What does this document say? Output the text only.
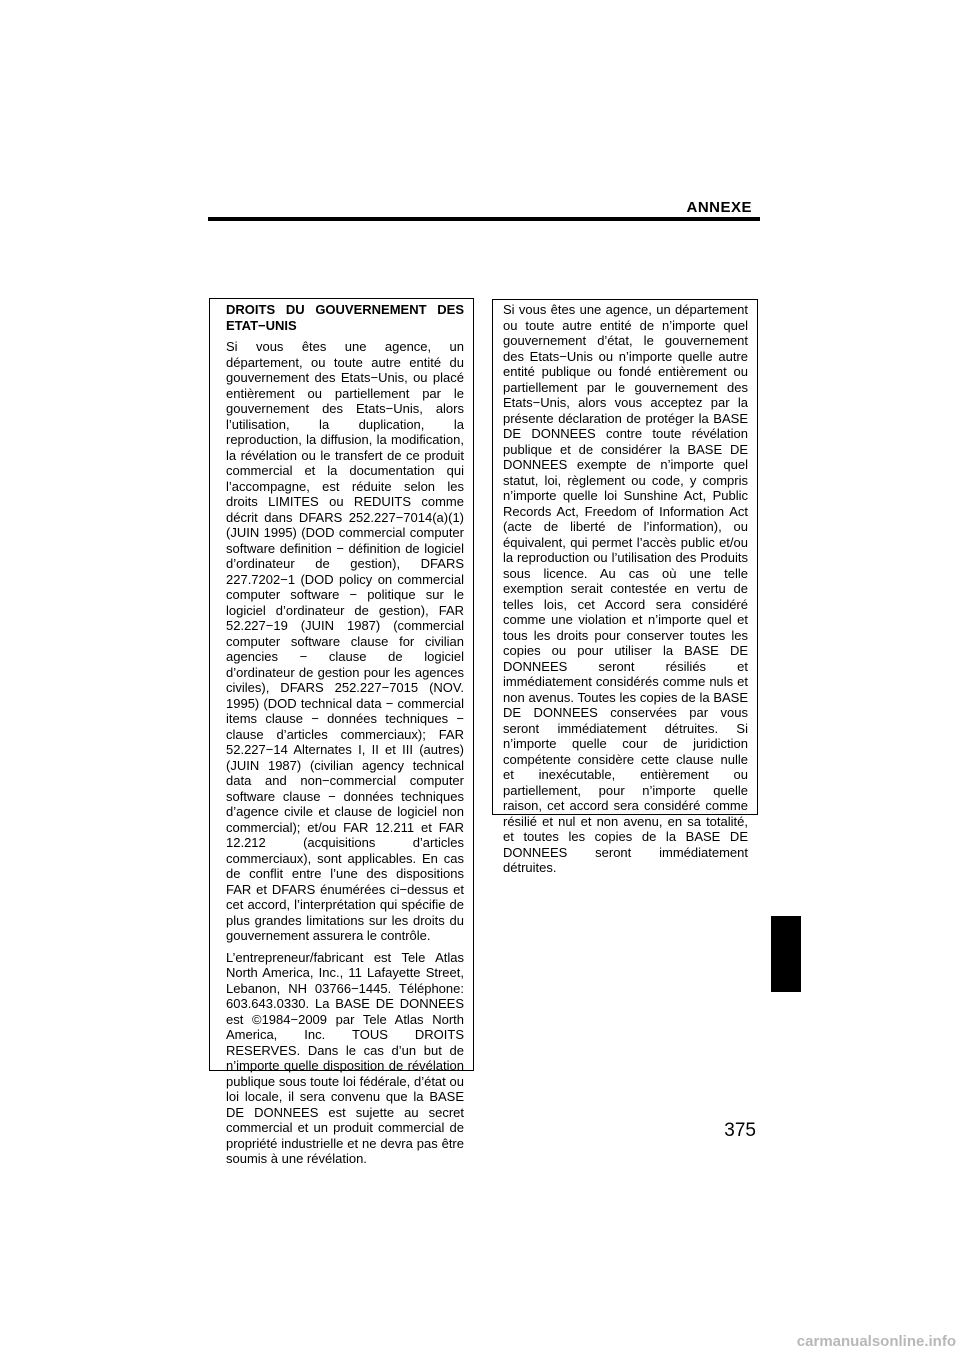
ANNEXE
DROITS DU GOUVERNEMENT DES ETAT−UNIS

Si vous êtes une agence, un département, ou toute autre entité du gouvernement des Etats−Unis, ou placé entièrement ou partiellement par le gouvernement des Etats−Unis, alors l’utilisation, la duplication, la reproduction, la diffusion, la modification, la révélation ou le transfert de ce produit commercial et la documentation qui l’accompagne, est réduite selon les droits LIMITES ou REDUITS comme décrit dans DFARS 252.227−7014(a)(1) (JUIN 1995) (DOD commercial computer software definition − définition de logiciel d’ordinateur de gestion), DFARS 227.7202−1 (DOD policy on commercial computer software − politique sur le logiciel d’ordinateur de gestion), FAR 52.227−19 (JUIN 1987) (commercial computer software clause for civilian agencies − clause de logiciel d’ordinateur de gestion pour les agences civiles), DFARS 252.227−7015 (NOV. 1995) (DOD technical data − commercial items clause − données techniques − clause d’articles commerciaux); FAR 52.227−14 Alternates I, II et III (autres) (JUIN 1987) (civilian agency technical data and non−commercial computer software clause − données techniques d’agence civile et clause de logiciel non commercial); et/ou FAR 12.211 et FAR 12.212 (acquisitions d’articles commerciaux), sont applicables. En cas de conflit entre l’une des dispositions FAR et DFARS énumérées ci−dessus et cet accord, l’interprétation qui spécifie de plus grandes limitations sur les droits du gouvernement assurera le contrôle.

L’entrepreneur/fabricant est Tele Atlas North America, Inc., 11 Lafayette Street, Lebanon, NH 03766−1445. Téléphone: 603.643.0330. La BASE DE DONNEES est ©1984−2009 par Tele Atlas North America, Inc. TOUS DROITS RESERVES. Dans le cas d’un but de n’importe quelle disposition de révélation publique sous toute loi fédérale, d’état ou loi locale, il sera convenu que la BASE DE DONNEES est sujette au secret commercial et un produit commercial de propriété industrielle et ne devra pas être soumis à une révélation.

Si vous êtes une agence, un département ou toute autre entité de n’importe quel gouvernement d’état, le gouvernement des Etats−Unis ou n’importe quelle autre entité publique ou fondé entièrement ou partiellement par le gouvernement des Etats−Unis, alors vous acceptez par la présente déclaration de protéger la BASE DE DONNEES contre toute révélation publique et de considérer la BASE DE DONNEES exempte de n’importe quel statut, loi, règlement ou code, y compris n’importe quelle loi Sunshine Act, Public Records Act, Freedom of Information Act (acte de liberté de l’information), ou équivalent, qui permet l’accès public et/ou la reproduction ou l’utilisation des Produits sous licence. Au cas où une telle exemption serait contestée en vertu de telles lois, cet Accord sera considéré comme une violation et n’importe quel et tous les droits pour conserver toutes les copies ou pour utiliser la BASE DE DONNEES seront résiliés et immédiatement considérés comme nuls et non avenus. Toutes les copies de la BASE DE DONNEES conservées par vous seront immédiatement détruites. Si n’importe quelle cour de juridiction compétente considère cette clause nulle et inexécutable, entièrement ou partiellement, pour n’importe quelle raison, cet accord sera considéré comme résilié et nul et non avenu, en sa totalité, et toutes les copies de la BASE DE DONNEES seront immédiatement détruites.

375
carmanualsonline.info
